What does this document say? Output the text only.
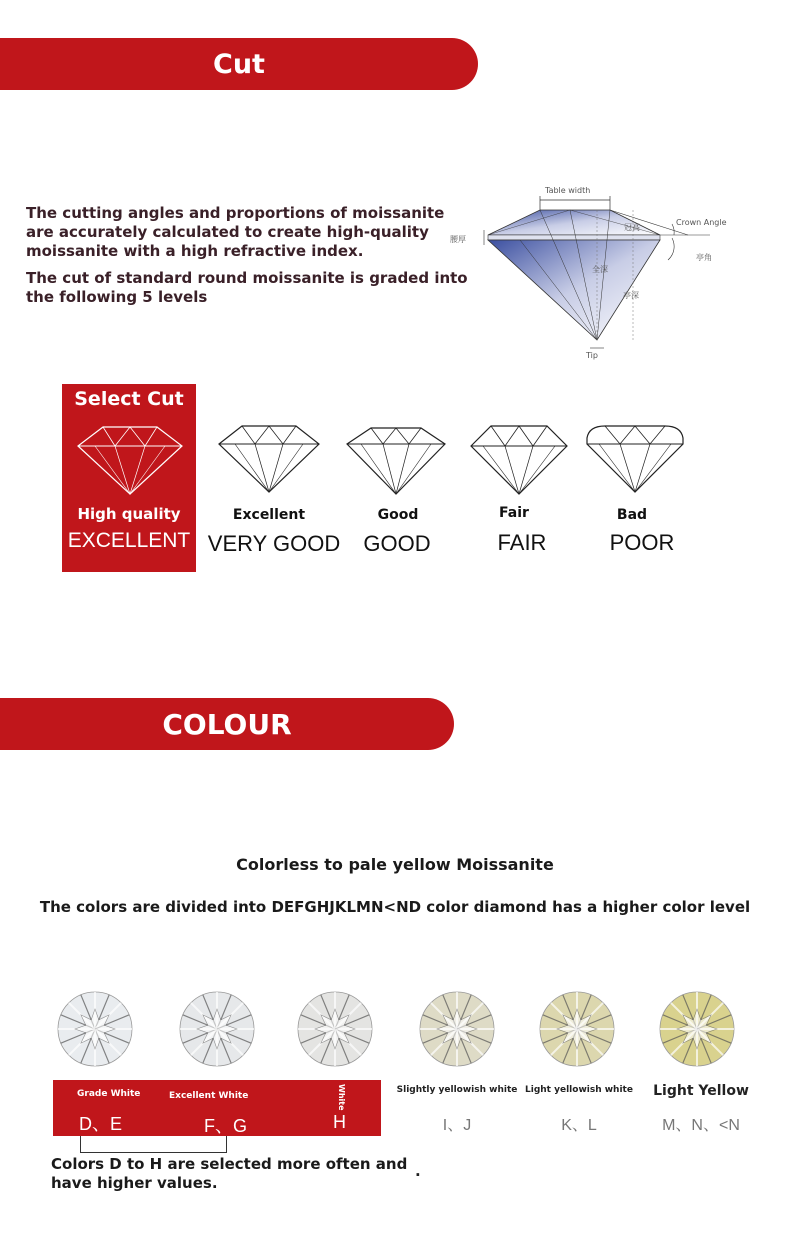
Cut
The cutting angles and proportions of moissanite are accurately calculated to create high-quality moissanite with a high refractive index.
The cut of standard round moissanite is graded into the following 5 levels
Table width
Crown Angle
亭角
冠高
全深
亭深
腰厚
Tip
Select Cut
High quality
EXCELLENT
Excellent
VERY GOOD
Good
GOOD
Fair
FAIR
Bad
POOR
COLOUR
Colorless to pale yellow Moissanite
The colors are divided into DEFGHJKLMN<ND color diamond has a higher color level
Grade White
D、E
Excellent White
F、G
White
H
Slightly yellowish white
I、J
Light yellowish white
K、L
Light Yellow
M、N、<N
Colors D to H are selected more often and have higher values.
.
